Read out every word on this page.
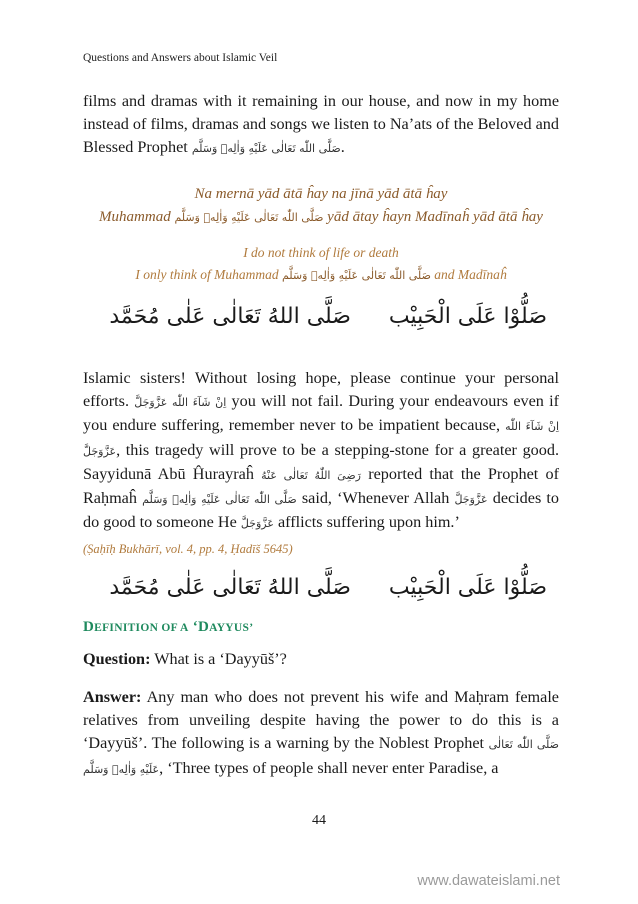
Questions and Answers about Islamic Veil

films and dramas with it remaining in our house, and now in my home instead of films, dramas and songs we listen to Na’ats of the Beloved and Blessed Prophet صَلَّى اللّٰه تَعَالٰى عَلَيْهِ وَاٰلِهٖ وَسَلَّم.

Na mernā yād ātā ĥay na jīnā yād ātā ĥay
Muhammad صَلَّى اللّٰه تَعَالٰى عَلَيْهِ وَاٰلِهٖ وَسَلَّم yād ātay ĥayn Madīnaĥ yād ātā ĥay
I do not think of life or death
I only think of Muhammad صَلَّى اللّٰه تَعَالٰى عَلَيْهِ وَاٰلِهٖ وَسَلَّم and Madīnaĥ
صَلُّوْا عَلَى الْحَبِيْب
صَلَّى اللهُ تَعَالٰى عَلٰى مُحَمَّد

Islamic sisters! Without losing hope, please continue your personal efforts. اِنْ شَآءَ اللّٰه عَزَّوَجَلَّ you will not fail. During your endeavours even if you endure suffering, remember never to be impatient because, اِنْ شَآءَ اللّٰه عَزَّوَجَلَّ, this tragedy will prove to be a stepping-stone for a greater good. Sayyidunā Abū Ĥurayraĥ رَضِىَ اللّٰهُ تَعَالٰى عَنْهُ reported that the Prophet of Raḥmaĥ صَلَّى اللّٰه تَعَالٰى عَلَيْهِ وَاٰلِهٖ وَسَلَّم said, ‘Whenever Allah عَزَّوَجَلَّ decides to do good to someone He عَزَّوَجَلَّ afflicts suffering upon him.’

(Ṣaḥīḥ Bukhārī, vol. 4, pp. 4, Ḥadīš 5645)
صَلُّوْا عَلَى الْحَبِيْب
صَلَّى اللهُ تَعَالٰى عَلٰى مُحَمَّد
DEFINITION OF A ‘DAYYUS’
Question: What is a ‘Dayyūš’?
Answer: Any man who does not prevent his wife and Maḥram female relatives from unveiling despite having the power to do this is a ‘Dayyūš’. The following is a warning by the Noblest Prophet صَلَّى اللّٰه تَعَالٰى عَلَيْهِ وَاٰلِهٖ وَسَلَّم, ‘Three types of people shall never enter Paradise, a
44
www.dawateislami.net
